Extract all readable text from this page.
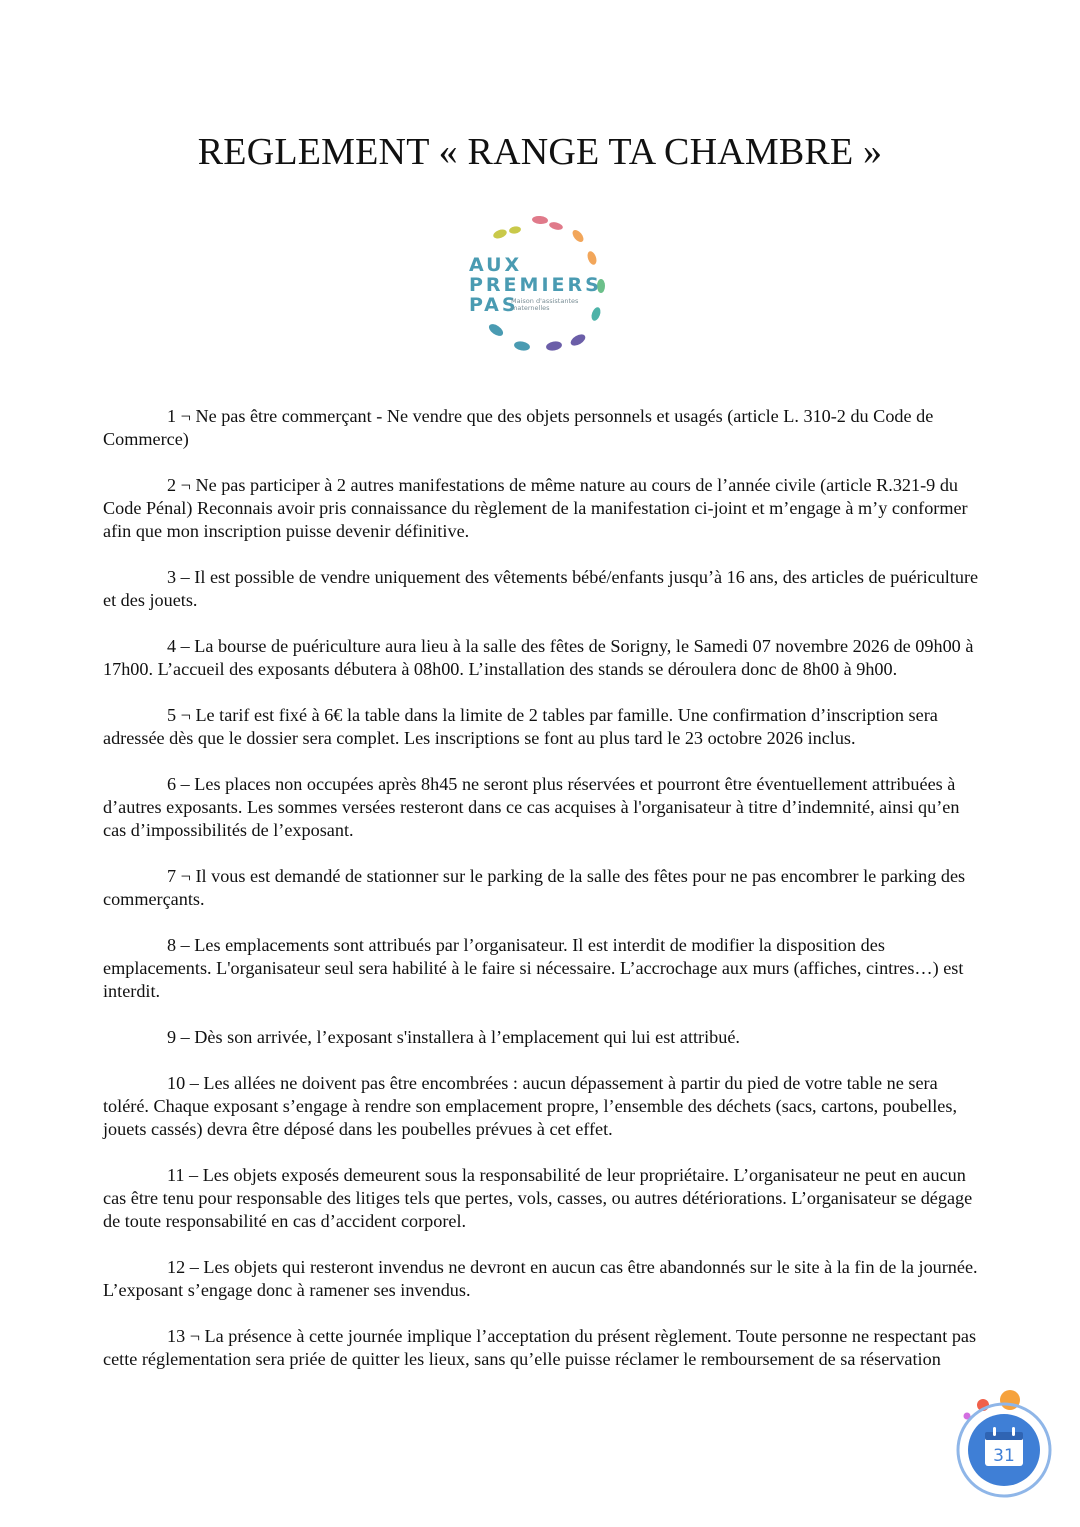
REGLEMENT « RANGE TA CHAMBRE »
AUX
PREMIERS
PAS
Maison d'assistantes
maternelles

1 ¬ Ne pas être commerçant - Ne vendre que des objets personnels et usagés (article L. 310-2 du Code de Commerce)

2 ¬ Ne pas participer à 2 autres manifestations de même nature au cours de l’année civile (article R.321-9 du Code Pénal) Reconnais avoir pris connaissance du règlement de la manifestation ci-joint et m’engage à m’y conformer afin que mon inscription puisse devenir définitive.

3 – Il est possible de vendre uniquement des vêtements bébé/enfants jusqu’à 16 ans, des articles de puériculture et des jouets.

4 – La bourse de puériculture aura lieu à la salle des fêtes de Sorigny, le Samedi 07 novembre 2026 de 09h00 à 17h00. L’accueil des exposants débutera à 08h00. L’installation des stands se déroulera donc de 8h00 à 9h00.

5 ¬ Le tarif est fixé à 6€ la table dans la limite de 2 tables par famille. Une confirmation d’inscription sera adressée dès que le dossier sera complet. Les inscriptions se font au plus tard le 23 octobre 2026 inclus.

6 – Les places non occupées après 8h45 ne seront plus réservées et pourront être éventuellement attribuées à d’autres exposants. Les sommes versées resteront dans ce cas acquises à l'organisateur à titre d’indemnité, ainsi qu’en cas d’impossibilités de l’exposant.

7 ¬ Il vous est demandé de stationner sur le parking de la salle des fêtes pour ne pas encombrer le parking des commerçants.

8 – Les emplacements sont attribués par l’organisateur. Il est interdit de modifier la disposition des emplacements. L'organisateur seul sera habilité à le faire si nécessaire. L’accrochage aux murs (affiches, cintres…) est interdit.

9 – Dès son arrivée, l’exposant s'installera à l’emplacement qui lui est attribué.

10 – Les allées ne doivent pas être encombrées : aucun dépassement à partir du pied de votre table ne sera toléré. Chaque exposant s’engage à rendre son emplacement propre, l’ensemble des déchets (sacs, cartons, poubelles, jouets cassés) devra être déposé dans les poubelles prévues à cet effet.

11 – Les objets exposés demeurent sous la responsabilité de leur propriétaire. L’organisateur ne peut en aucun cas être tenu pour responsable des litiges tels que pertes, vols, casses, ou autres détériorations. L’organisateur se dégage de toute responsabilité en cas d’accident corporel.

12 – Les objets qui resteront invendus ne devront en aucun cas être abandonnés sur le site à la fin de la journée. L’exposant s’engage donc à ramener ses invendus.

13 ¬ La présence à cette journée implique l’acceptation du présent règlement. Toute personne ne respectant pas cette réglementation sera priée de quitter les lieux, sans qu’elle puisse réclamer le remboursement de sa réservation

31
